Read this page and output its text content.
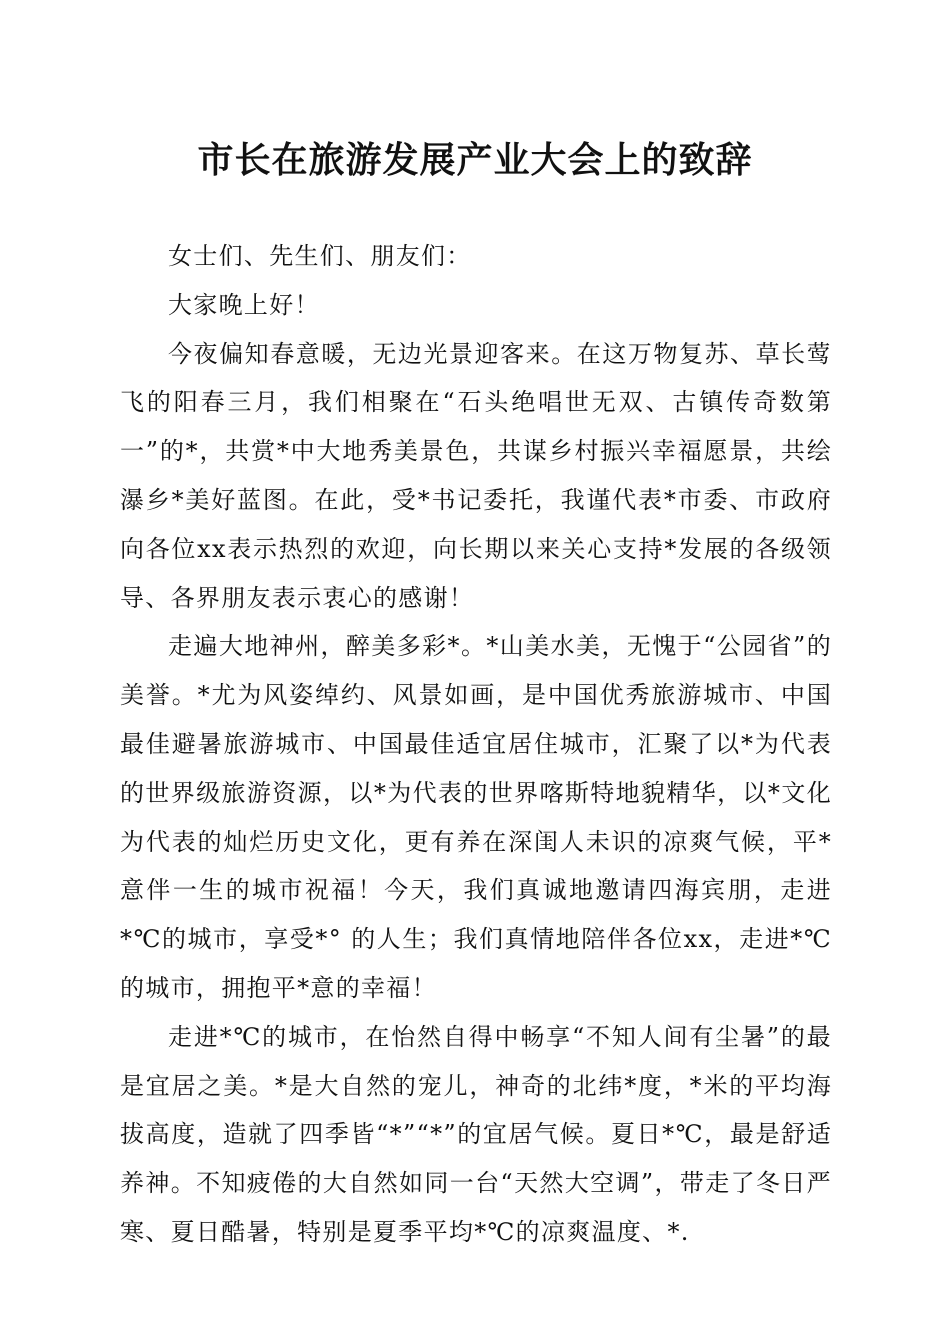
市长在旅游发展产业大会上的致辞

女士们、先生们、朋友们：

大家晚上好！

今夜偏知春意暖，无边光景迎客来。在这万物复苏、草长莺飞的阳春三月，我们相聚在“石头绝唱世无双、古镇传奇数第一”的*，共赏*中大地秀美景色，共谋乡村振兴幸福愿景，共绘瀑乡*美好蓝图。在此，受*书记委托，我谨代表*市委、市政府向各位xx表示热烈的欢迎，向长期以来关心支持*发展的各级领导、各界朋友表示衷心的感谢！

走遍大地神州，醉美多彩*。*山美水美，无愧于“公园省”的美誉。*尤为风姿绰约、风景如画，是中国优秀旅游城市、中国最佳避暑旅游城市、中国最佳适宜居住城市，汇聚了以*为代表的世界级旅游资源，以*为代表的世界喀斯特地貌精华，以*文化为代表的灿烂历史文化，更有养在深闺人未识的凉爽气候，平*意伴一生的城市祝福！今天，我们真诚地邀请四海宾朋，走进*℃的城市，享受*° 的人生；我们真情地陪伴各位xx，走进*℃的城市，拥抱平*意的幸福！

走进*℃的城市，在怡然自得中畅享“不知人间有尘暑”的最是宜居之美。*是大自然的宠儿，神奇的北纬*度，*米的平均海拔高度，造就了四季皆“*”“*”的宜居气候。夏日*℃，最是舒适养神。不知疲倦的大自然如同一台“天然大空调”，带走了冬日严寒、夏日酷暑，特别是夏季平均*℃的凉爽温度、*.
